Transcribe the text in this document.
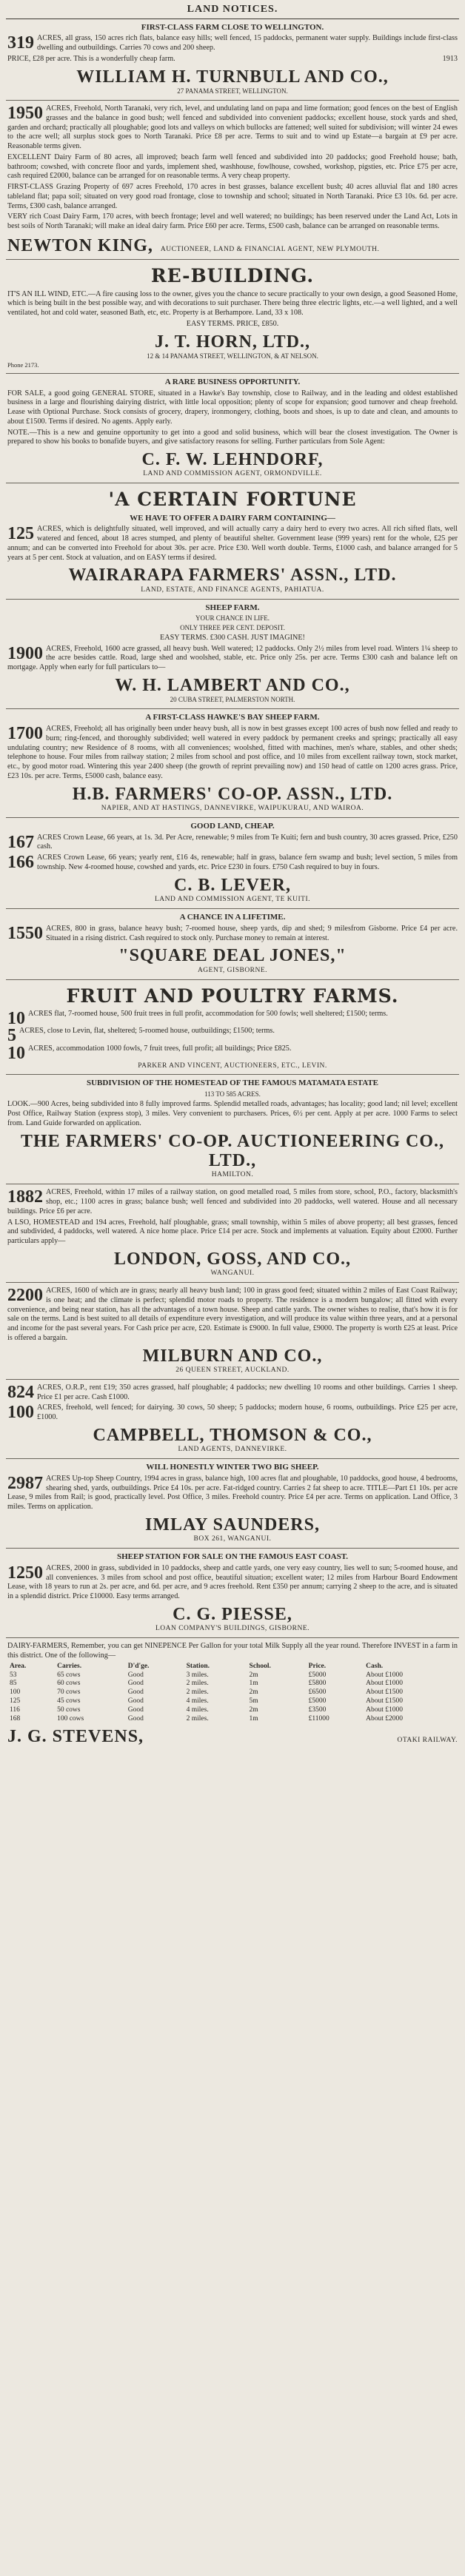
LAND NOTICES.
FIRST-CLASS FARM CLOSE TO WELLINGTON.

319 ACRES, all grass, 150 acres rich flats, balance easy hills; well fenced, 15 paddocks, permanent water supply. Buildings include first-class dwelling and outbuildings. Carries 70 cows and 200 sheep.

PRICE, £28 per acre. This is a wonderfully cheap farm.	1913

WILLIAM H. TURNBULL AND CO.,
27 PANAMA STREET, WELLINGTON.

1950 ACRES, Freehold, North Taranaki, very rich, level, and undulating land on papa and lime formation; good fences on the best of English grasses and the balance in good bush; well fenced and subdivided into convenient paddocks; excellent house, stock yards and shed, garden and orchard; practically all ploughable; good lots and valleys on which bullocks are fattened; well suited for subdivision; will winter 24 ewes to the acre well; all surplus stock goes to North Taranaki. Price £8 per acre. Terms to suit and to wind up Estate—a bargain at £9 per acre. Reasonable terms given.

EXCELLENT Dairy Farm of 80 acres, all improved; beach farm well fenced and subdivided into 20 paddocks; good Freehold house; bath, bathroom; cowshed, with concrete floor and yards, implement shed, washhouse, fowlhouse, cowshed, workshop, pigsties, etc. Price £75 per acre, cash required £2000, balance can be arranged for on reasonable terms. A very cheap property.

FIRST-CLASS Grazing Property of 697 acres Freehold, 170 acres in best grasses, balance excellent bush; 40 acres alluvial flat and 180 acres tableland flat; papa soil; situated on very good road frontage, close to township and school; situated in North Taranaki. Price £3 10s. 6d. per acre. Terms, £300 cash, balance arranged.

VERY rich Coast Dairy Farm, 170 acres, with beech frontage; level and well watered; no buildings; has been reserved under the Land Act, Lots in best soils of North Taranaki; will make an ideal dairy farm. Price £60 per acre. Terms, £500 cash, balance can be arranged on reasonable terms.

NEWTON KING, AUCTIONEER, LAND & FINANCIAL AGENT, NEW PLYMOUTH.
RE-BUILDING.

IT'S AN ILL WIND, ETC.—A fire causing loss to the owner, gives you the chance to secure practically to your own design, a good Seasoned Home, which is being built in the best possible way, and with decorations to suit purchaser. There being three electric lights, etc.—a well lighted, and a well ventilated, hot and cold water, seasoned Bath, etc, etc. Property is at Berhampore. Land, 33 x 108.

EASY TERMS. PRICE, £850.

J. T. HORN, LTD.,
12 & 14 PANAMA STREET, WELLINGTON, & AT NELSON.
Phone 2173.
A RARE BUSINESS OPPORTUNITY.

FOR SALE, a good going GENERAL STORE, situated in a Hawke's Bay township, close to Railway, and in the leading and oldest established business in a large and flourishing dairying district, with little local opposition; plenty of scope for expansion; good turnover and cheap freehold. Lease with Optional Purchase. Stock consists of grocery, drapery, ironmongery, clothing, boots and shoes, is up to date and clean, and amounts to about £1500. Terms if desired. No agents. Apply early.

NOTE.—This is a new and genuine opportunity to get into a good and solid business, which will bear the closest investigation. The Owner is prepared to show his books to bonafide buyers, and give satisfactory reasons for selling. Further particulars from Sole Agent:

C. F. W. LEHNDORF,
LAND AND COMMISSION AGENT, ORMONDVILLE.
'A CERTAIN FORTUNE
WE HAVE TO OFFER A DAIRY FARM CONTAINING—

125 ACRES, which is delightfully situated, well improved, and will actually carry a dairy herd to every two acres. All rich sifted flats, well watered and fenced, about 18 acres stumped, and plenty of beautiful shelter. Government lease (999 years) rent for the whole, £25 per annum; and can be converted into Freehold for about 30s. per acre. Price £30. Well worth double. Terms, £1000 cash, and balance arranged for 5 years at 5 per cent. Stock at valuation, and on EASY terms if desired.

WAIRARAPA FARMERS' ASSN., LTD.
LAND, ESTATE, AND FINANCE AGENTS, PAHIATUA.
SHEEP FARM.
YOUR CHANCE IN LIFE.
ONLY THREE PER CENT. DEPOSIT.

EASY TERMS. £300 CASH. JUST IMAGINE!

1900 ACRES, Freehold, 1600 acre grassed, all heavy bush. Well watered; 12 paddocks. Only 2½ miles from level road. Winters 1¼ sheep to the acre besides cattle. Road, large shed and woolshed, stable, etc. Price only 25s. per acre. Terms £300 cash and balance left on mortgage. Apply when early for full particulars to—

W. H. LAMBERT AND CO.,
20 CUBA STREET, PALMERSTON NORTH.
A FIRST-CLASS HAWKE'S BAY SHEEP FARM.

1700 ACRES, Freehold; all has originally been under heavy bush, all is now in best grasses except 100 acres of bush now felled and ready to burn; ring-fenced, and thoroughly subdivided; well watered in every paddock by permanent creeks and springs; practically all easy undulating country; new Residence of 8 rooms, with all conveniences; woolshed, fitted with machines, men's whare, stables, and other sheds; telephone to house. Four miles from railway station; 2 miles from school and post office, and 10 miles from excellent railway town, stock market, etc., by good motor road. Wintering this year 2400 sheep (the growth of reprint prevailing now) and 150 head of cattle on 1200 acres grass. Price, £23 10s. per acre. Terms, £5000 cash, balance easy.

H.B. FARMERS' CO-OP. ASSN., LTD.
NAPIER, AND AT HASTINGS, DANNEVIRKE, WAIPUKURAU, AND WAIROA.
GOOD LAND, CHEAP.

167 ACRES Crown Lease, 66 years, at 1s. 3d. Per Acre, renewable; 9 miles from Te Kuiti; fern and bush country, 30 acres grassed. Price, £250 cash.

166 ACRES Crown Lease, 66 years; yearly rent, £16 4s, renewable; half in grass, balance fern swamp and bush; level section, 5 miles from township. New 4-roomed house, cowshed and yards, etc. Price £230 in fours. £750 Cash required to buy in fours.

C. B. LEVER,
LAND AND COMMISSION AGENT, TE KUITI.
A CHANCE IN A LIFETIME.

1550 ACRES, 800 in grass, balance heavy bush; 7-roomed house, sheep yards, dip and shed; 9 milesfrom Gisborne. Price £4 per acre. Situated in a rising district. Cash required to stock only. Purchase money to remain at interest.

"SQUARE DEAL JONES,"
AGENT, GISBORNE.
FRUIT AND POULTRY FARMS.

10 ACRES flat, 7-roomed house, 500 fruit trees in full profit, accommodation for 500 fowls; well sheltered; £1500; terms.

5 ACRES, close to Levin, flat, sheltered; 5-roomed house, outbuildings; £1500; terms.

10 ACRES, accommodation 1000 fowls, 7 fruit trees, full profit; all buildings; Price £825.

PARKER AND VINCENT, AUCTIONEERS, ETC., LEVIN.
SUBDIVISION OF THE HOMESTEAD OF THE FAMOUS MATAMATA ESTATE
113 TO 585 ACRES.

LOOK.—900 Acres, being subdivided into 8 fully improved farms. Splendid metalled roads, advantages; has locality; good land; nil level; excellent Post Office, Railway Station (express stop), 3 miles. Very convenient to purchasers. Prices, 6½ per cent. Apply at per acre. 1000 Farms to select from. Land Guide forwarded on application.

THE FARMERS' CO-OP. AUCTIONEERING CO., LTD.,
HAMILTON.

1882 ACRES, Freehold, within 17 miles of a railway station, on good metalled road, 5 miles from store, school, P.O., factory, blacksmith's shop, etc.; 1100 acres in grass; balance bush; well fenced and subdivided into 20 paddocks, well watered. House and all necessary buildings. Price £6 per acre.

A LSO, HOMESTEAD and 194 acres, Freehold, half ploughable, grass; small township, within 5 miles of above property; all best grasses, fenced and subdivided, 4 paddocks, well watered. A nice home place. Price £14 per acre. Stock and implements at valuation. Equity about £2000. Further particulars apply—

LONDON, GOSS, AND CO.,
WANGANUI.

2200 ACRES, 1600 of which are in grass; nearly all heavy bush land; 100 in grass good feed; situated within 2 miles of East Coast Railway; is one heat; and the climate is perfect; splendid motor roads to property. The residence is a modern bungalow; all fitted with every convenience, and being near station, has all the advantages of a town house. Sheep and cattle yards. The owner wishes to realise, that's how it is for sale on the terms. Land is best suited to all details of expenditure every investigation, and will produce its value within three years, and at a personal and income for the past several years. For Cash price per acre, £20. Estimate is £9000. In full value, £9000. The property is worth £25 at least. Price is offered a bargain.

MILBURN AND CO.,
26 QUEEN STREET, AUCKLAND.

824 ACRES, O.R.P., rent £19; 350 acres grassed, half ploughable; 4 paddocks; new dwelling 10 rooms and other buildings. Carries 1 sheep. Price £1 per acre. Cash £1000.

100 ACRES, freehold, well fenced; for dairying. 30 cows, 50 sheep; 5 paddocks; modern house, 6 rooms, outbuildings. Price £25 per acre, £1000.

CAMPBELL, THOMSON & CO.,
LAND AGENTS, DANNEVIRKE.
WILL HONESTLY WINTER TWO BIG SHEEP.

2987 ACRES Up-top Sheep Country, 1994 acres in grass, balance high, 100 acres flat and ploughable, 10 paddocks, good house, 4 bedrooms, shearing shed, yards, outbuildings. Price £4 10s. per acre. Fat-ridged country. Carries 2 fat sheep to acre. TITLE—Part £1 10s. per acre Lease, 9 miles from Rail; is good, practically level. Post Office, 3 miles. Freehold country. Price £4 per acre. Terms on application. Land Office, 3 miles. Terms on application.

IMLAY SAUNDERS,
BOX 261, WANGANUI.
SHEEP STATION FOR SALE ON THE FAMOUS EAST COAST.

1250 ACRES, 2000 in grass, subdivided in 10 paddocks, sheep and cattle yards, one very easy country, lies well to sun; 5-roomed house, and all conveniences. 3 miles from school and post office, beautiful situation; excellent water; 12 miles from Harbour Board Endowment Lease, with 18 years to run at 2s. per acre, and 6d. per acre, and 9 acres freehold. Rent £350 per annum; carrying 2 sheep to the acre, and is situated in a splendid district. Price £10000. Easy terms arranged.

C. G. PIESSE,
LOAN COMPANY'S BUILDINGS, GISBORNE.

DAIRY-FARMERS, Remember, you can get NINEPENCE Per Gallon for your total Milk Supply all the year round. Therefore INVEST in a farm in this district. One of the following—

Area.	Carries.	D'd'ge.	Station.	School.	Price.	Cash.
53	65 cows	Good	3 miles.	2m	£5000	About £1000
85	60 cows	Good	2 miles.	1m	£5800	About £1000
100	70 cows	Good	2 miles.	2m	£6500	About £1500
125	45 cows	Good	4 miles.	5m	£5000	About £1500
116	50 cows	Good	4 miles.	2m	£3500	About £1000
168	100 cows	Good	2 miles.	1m	£11000	About £2000
J. G. STEVENS,	OTAKI RAILWAY.
